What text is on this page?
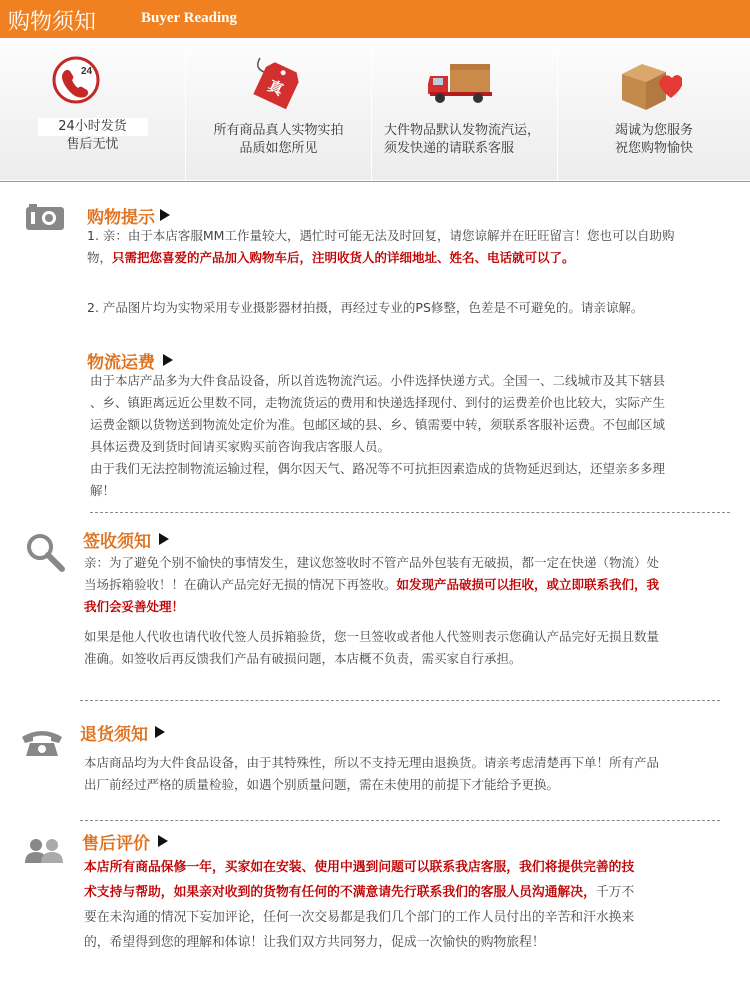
购物须知	Buyer Reading
24
24小时发货
售后无忧
真
所有商品真人实物实拍
品质如您所见
大件物品默认发物流汽运，
须发快递的请联系客服
竭诚为您服务
祝您购物愉快
购物提示
1. 亲：由于本店客服MM工作量较大，遇忙时可能无法及时回复，请您谅解并在旺旺留言！您也可以自助购
物，只需把您喜爱的产品加入购物车后，注明收货人的详细地址、姓名、电话就可以了。
2. 产品图片均为实物采用专业摄影器材拍摄，再经过专业的PS修整，色差是不可避免的。请亲谅解。
物流运费
由于本店产品多为大件食品设备，所以首选物流汽运。小件选择快递方式。全国一、二线城市及其下辖县
、乡、镇距离远近公里数不同，走物流货运的费用和快递选择现付、到付的运费差价也比较大，实际产生
运费金额以货物送到物流处定价为准。包邮区域的县、乡、镇需要中转，须联系客服补运费。不包邮区域
具体运费及到货时间请买家购买前咨询我店客服人员。
由于我们无法控制物流运输过程，偶尔因天气、路况等不可抗拒因素造成的货物延迟到达，还望亲多多理
解！
签收须知
亲：为了避免个别不愉快的事情发生，建议您签收时不管产品外包装有无破损，都一定在快递（物流）处
当场拆箱验收！！在确认产品完好无损的情况下再签收。如发现产品破损可以拒收，或立即联系我们，我
我们会妥善处理！
如果是他人代收也请代收代签人员拆箱验货，您一旦签收或者他人代签则表示您确认产品完好无损且数量
准确。如签收后再反馈我们产品有破损问题，本店概不负责，需买家自行承担。
退货须知
本店商品均为大件食品设备，由于其特殊性，所以不支持无理由退换货。请亲考虑清楚再下单！所有产品
出厂前经过严格的质量检验，如遇个别质量问题，需在未使用的前提下才能给予更换。
售后评价
本店所有商品保修一年，买家如在安装、使用中遇到问题可以联系我店客服，我们将提供完善的技
术支持与帮助，如果亲对收到的货物有任何的不满意请先行联系我们的客服人员沟通解决，千万不
要在未沟通的情况下妄加评论，任何一次交易都是我们几个部门的工作人员付出的辛苦和汗水换来
的，希望得到您的理解和体谅！让我们双方共同努力，促成一次愉快的购物旅程！
